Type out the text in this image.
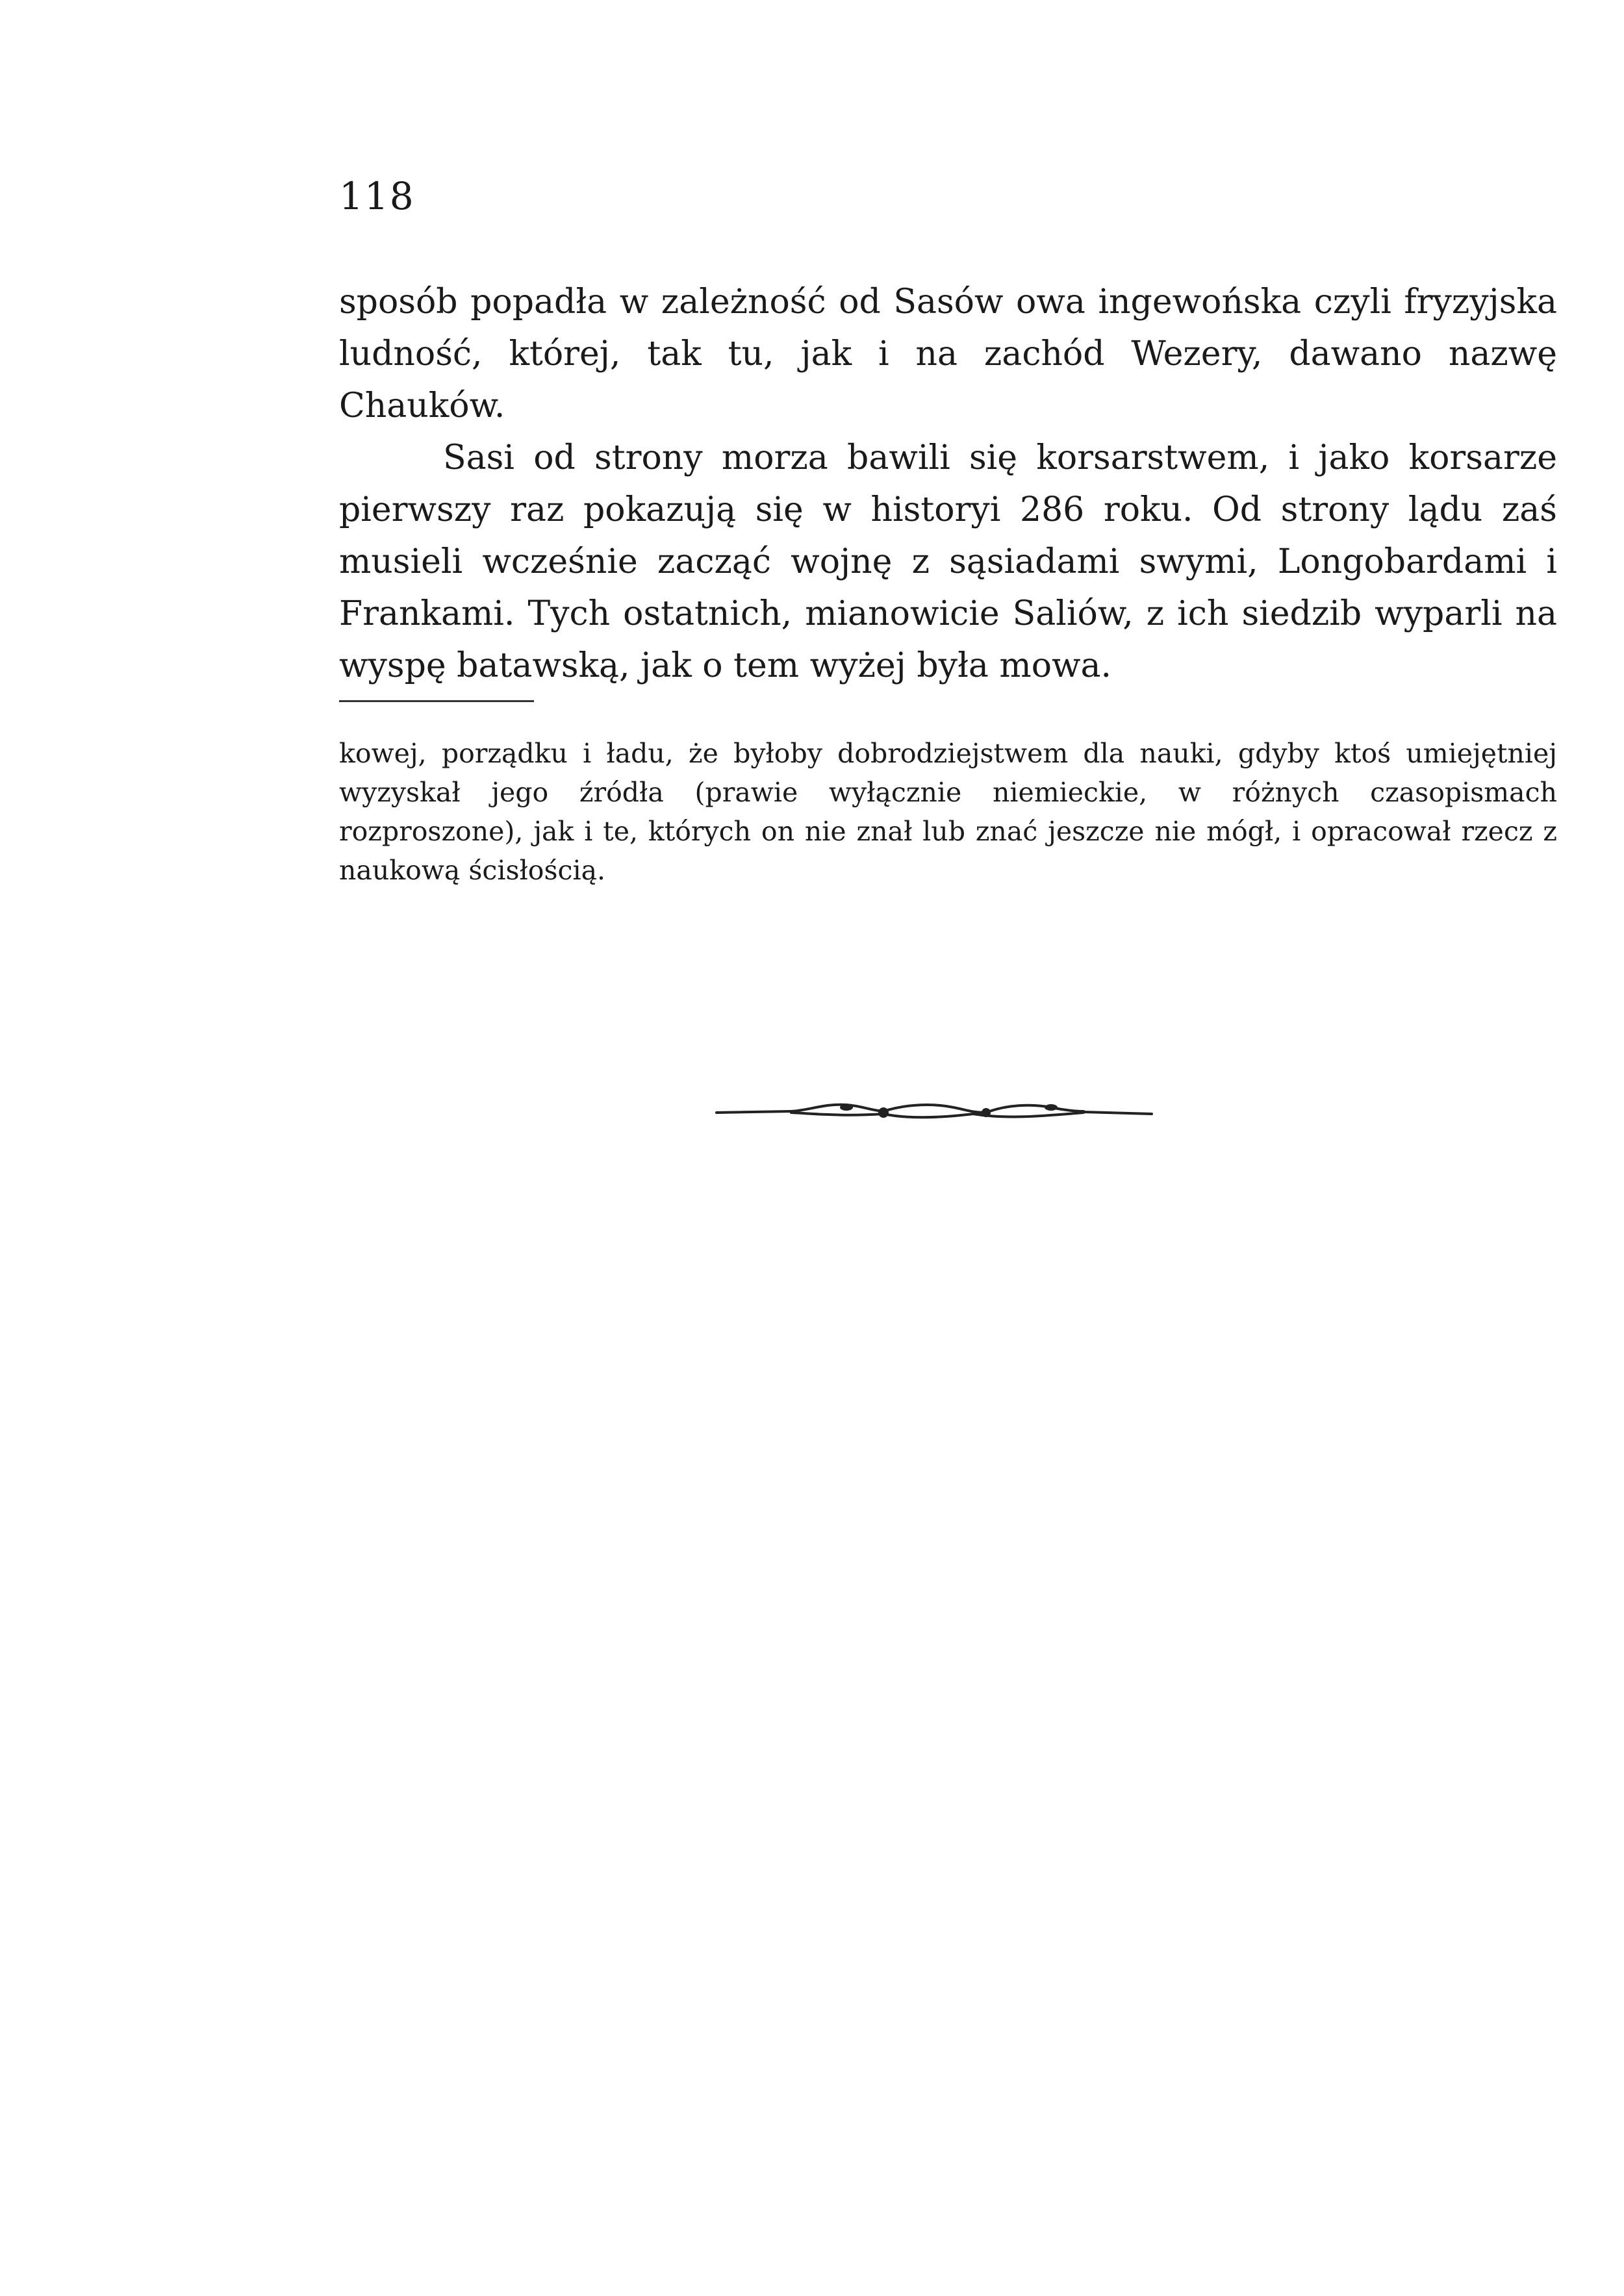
118

sposób popadła w zależność od Sasów owa ingewońska czyli fryzyjska ludność, której, tak tu, jak i na zachód Wezery, dawano nazwę Chauków.

Sasi od strony morza bawili się korsarstwem, i jako korsarze pierwszy raz pokazują się w historyi 286 roku. Od strony lądu zaś musieli wcześnie zacząć wojnę z sąsiadami swymi, Longobardami i Frankami. Tych ostatnich, mianowicie Saliów, z ich siedzib wyparli na wyspę batawską, jak o tem wyżej była mowa.

kowej, porządku i ładu, że byłoby dobrodziejstwem dla nauki, gdyby ktoś umiejętniej wyzyskał jego źródła (prawie wyłącznie niemieckie, w różnych czasopismach rozproszone), jak i te, których on nie znał lub znać jeszcze nie mógł, i opracował rzecz z naukową ścisłością.
